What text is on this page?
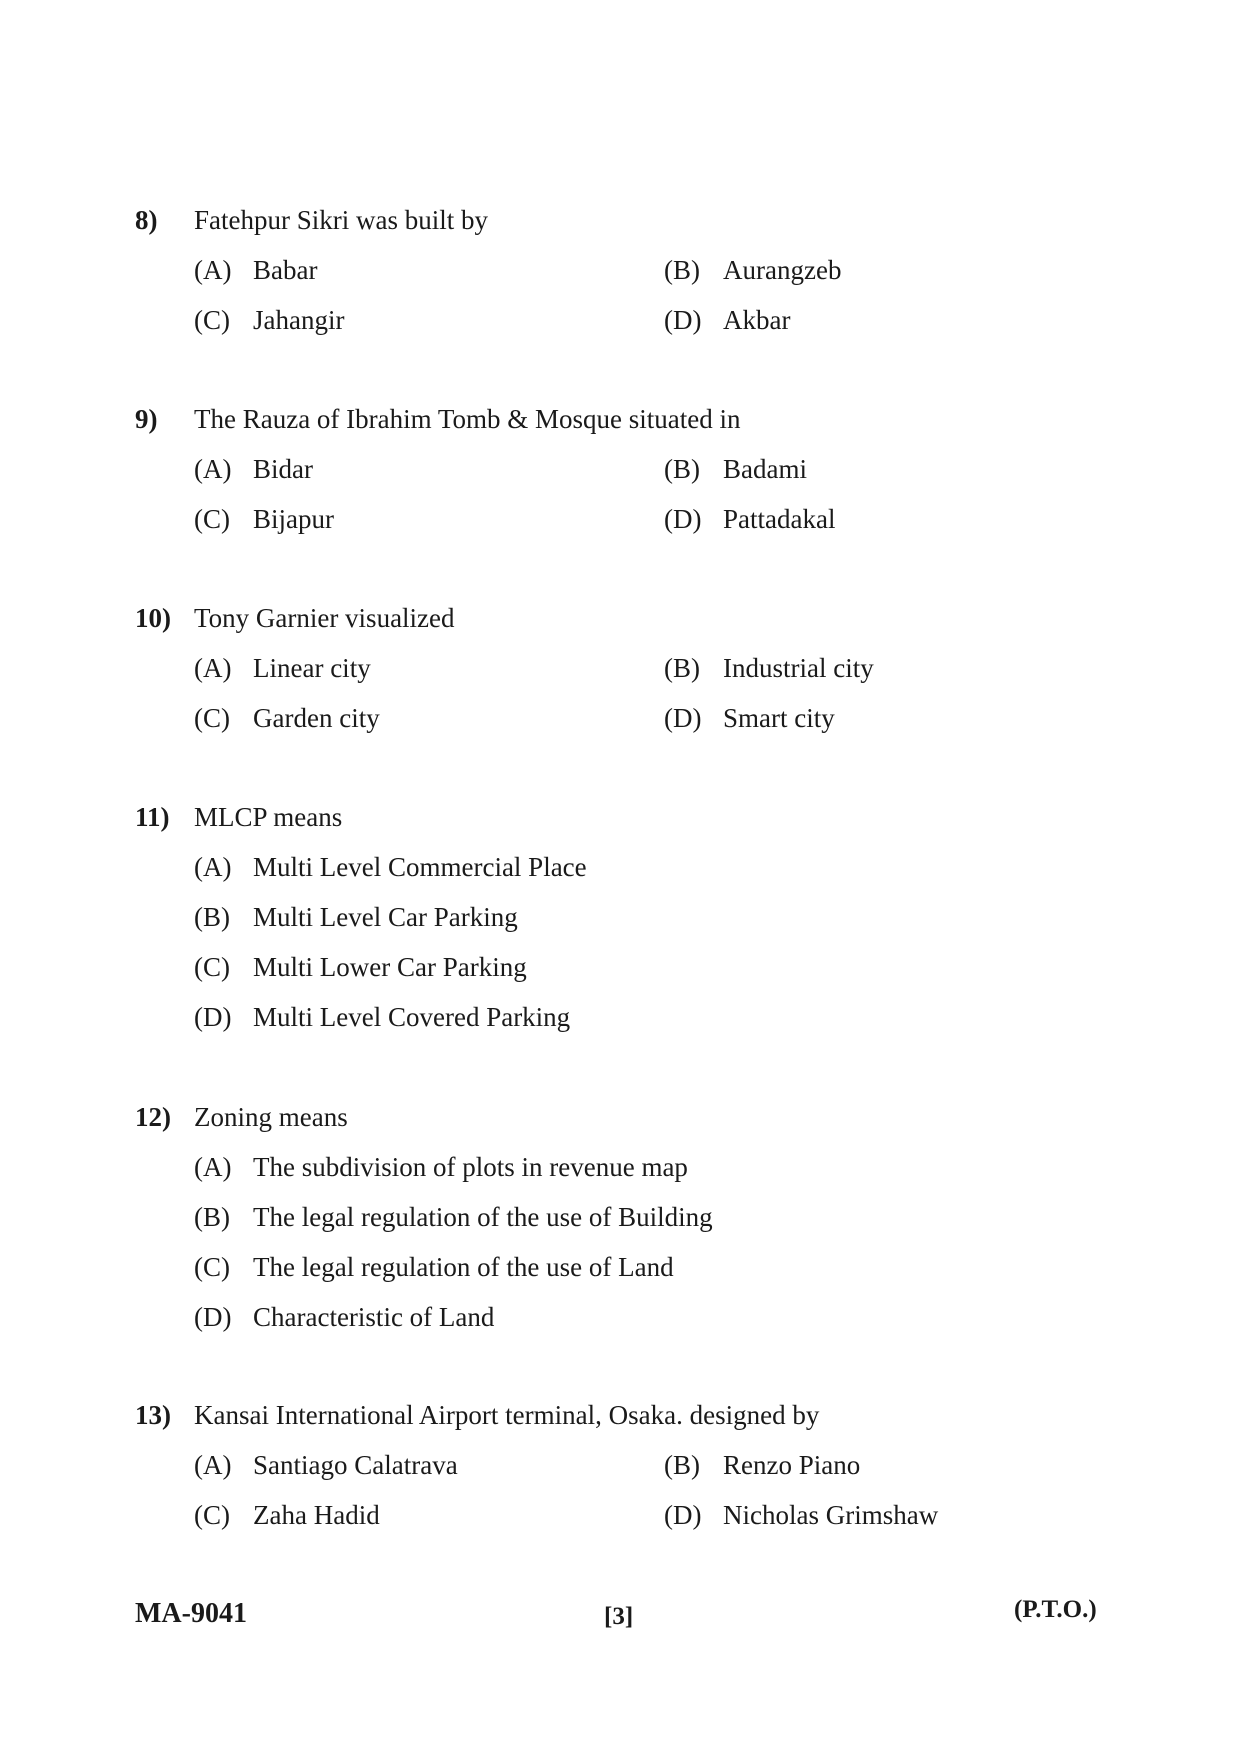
8) Fatehpur Sikri was built by
(A) Babar	(B) Aurangzeb
(C) Jahangir	(D) Akbar
9) The Rauza of Ibrahim Tomb & Mosque situated in
(A) Bidar	(B) Badami
(C) Bijapur	(D) Pattadakal
10) Tony Garnier visualized
(A) Linear city	(B) Industrial city
(C) Garden city	(D) Smart city
11) MLCP means
(A) Multi Level Commercial Place
(B) Multi Level Car Parking
(C) Multi Lower Car Parking
(D) Multi Level Covered Parking
12) Zoning means
(A) The subdivision of plots in revenue map
(B) The legal regulation of the use of Building
(C) The legal regulation of the use of Land
(D) Characteristic of Land
13) Kansai International Airport terminal, Osaka. designed by
(A) Santiago Calatrava	(B) Renzo Piano
(C) Zaha Hadid	(D) Nicholas Grimshaw
MA-9041	[3]	(P.T.O.)
